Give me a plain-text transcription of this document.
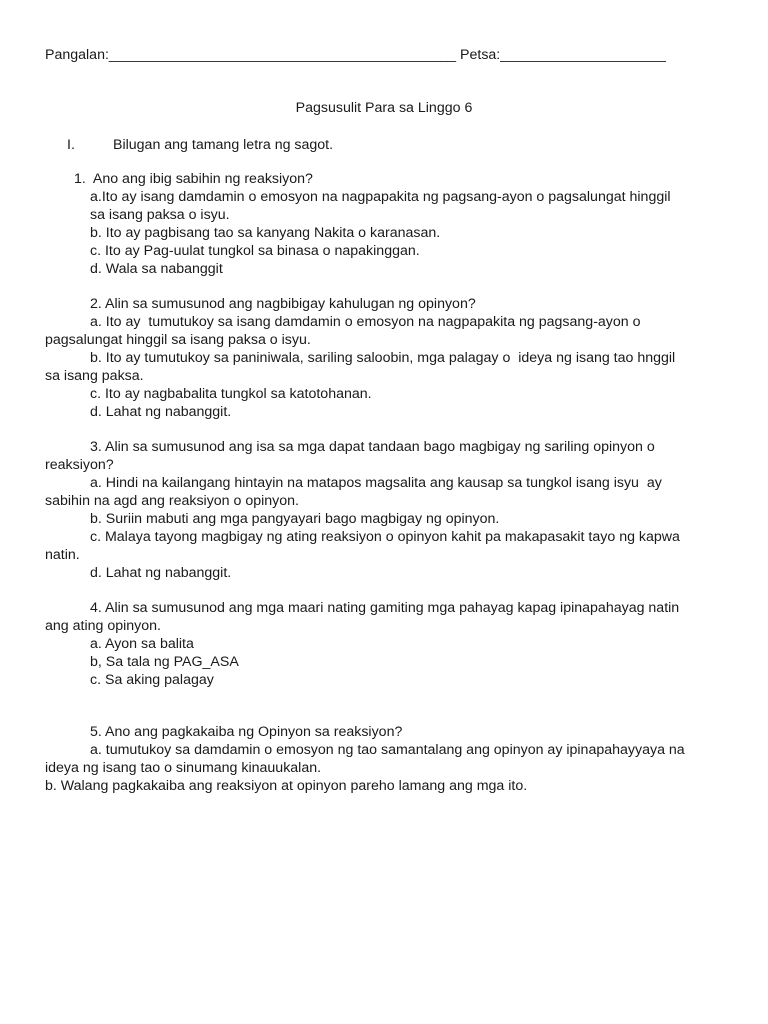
Pangalan:____________________________________________ Petsa:_____________________
Pagsusulit Para sa Linggo 6
I.	Bilugan ang tamang letra ng sagot.
1.  Ano ang ibig sabihin ng reaksiyon?
a.Ito ay isang damdamin o emosyon na nagpapakita ng pagsang-ayon o pagsalungat hinggil
sa isang paksa o isyu.
b. Ito ay pagbisang tao sa kanyang Nakita o karanasan.
c. Ito ay Pag-uulat tungkol sa binasa o napakinggan.
d. Wala sa nabanggit
2. Alin sa sumusunod ang nagbibigay kahulugan ng opinyon?
a. Ito ay  tumutukoy sa isang damdamin o emosyon na nagpapakita ng pagsang-ayon o
pagsalungat hinggil sa isang paksa o isyu.
b. Ito ay tumutukoy sa paniniwala, sariling saloobin, mga palagay o  ideya ng isang tao hnggil
sa isang paksa.
c. Ito ay nagbabalita tungkol sa katotohanan.
d. Lahat ng nabanggit.
3. Alin sa sumusunod ang isa sa mga dapat tandaan bago magbigay ng sariling opinyon o
reaksiyon?
a. Hindi na kailangang hintayin na matapos magsalita ang kausap sa tungkol isang isyu  ay
sabihin na agd ang reaksiyon o opinyon.
b. Suriin mabuti ang mga pangyayari bago magbigay ng opinyon.
c. Malaya tayong magbigay ng ating reaksiyon o opinyon kahit pa makapasakit tayo ng kapwa
natin.
d. Lahat ng nabanggit.
4. Alin sa sumusunod ang mga maari nating gamiting mga pahayag kapag ipinapahayag natin
ang ating opinyon.
a. Ayon sa balita
b, Sa tala ng PAG_ASA
c. Sa aking palagay
5. Ano ang pagkakaiba ng Opinyon sa reaksiyon?
a. tumutukoy sa damdamin o emosyon ng tao samantalang ang opinyon ay ipinapahayyaya na
ideya ng isang tao o sinumang kinauukalan.
b. Walang pagkakaiba ang reaksiyon at opinyon pareho lamang ang mga ito.
